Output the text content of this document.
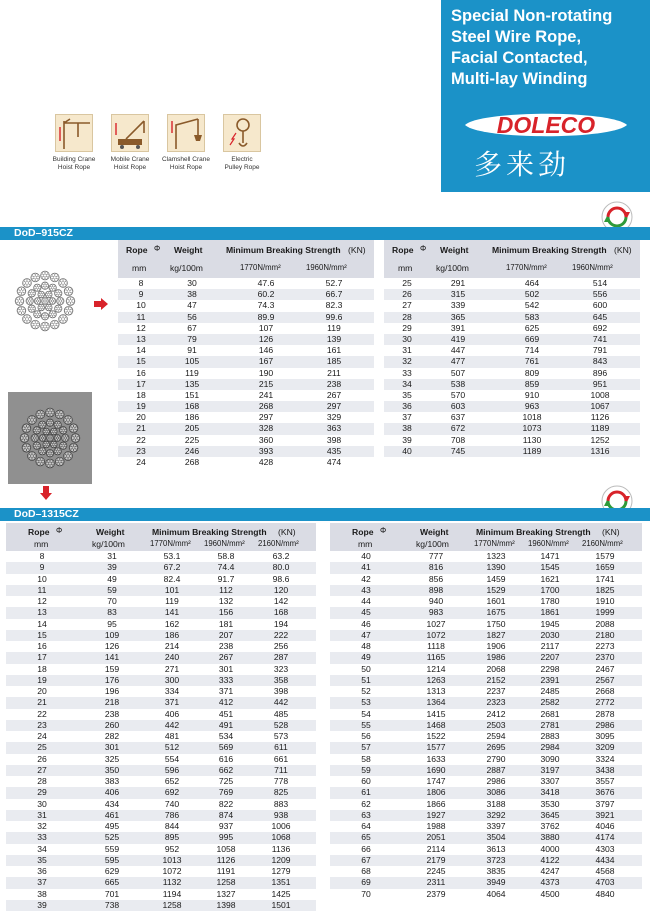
Special Non-rotating
Steel Wire Rope,
Facial Contacted,
Multi-lay Winding
DOLECO
多来劲
Building Crane
Hoist Rope
Mobile Crane
Hoist Rope
Clamshell Crane
Hoist Rope
Electric
Pulley Rope
DoD–915CZ
Rope Φ
mm
Weight
kg/100m
Minimum Breaking Strength (KN)
1770N/mm²	1960N/mm²
8	30	47.6	52.7
9	38	60.2	66.7
10	47	74.3	82.3
11	56	89.9	99.6
12	67	107	119
13	79	126	139
14	91	146	161
15	105	167	185
16	119	190	211
17	135	215	238
18	151	241	267
19	168	268	297
20	186	297	329
21	205	328	363
22	225	360	398
23	246	393	435
24	268	428	474
Rope Φ
mm
Weight
kg/100m
Minimum Breaking Strength (KN)
1770N/mm²	1960N/mm²
25	291	464	514
26	315	502	556
27	339	542	600
28	365	583	645
29	391	625	692
30	419	669	741
31	447	714	791
32	477	761	843
33	507	809	896
34	538	859	951
35	570	910	1008
36	603	963	1067
37	637	1018	1126
38	672	1073	1189
39	708	1130	1252
40	745	1189	1316
DoD–1315CZ
Rope Φ
mm
Weight
kg/100m
Minimum Breaking Strength (KN)
1770N/mm² 1960N/mm² 2160N/mm²
8	31	53.1	58.8	63.2
9	39	67.2	74.4	80.0
10	49	82.4	91.7	98.6
11	59	101	112	120
12	70	119	132	142
13	83	141	156	168
14	95	162	181	194
15	109	186	207	222
16	126	214	238	256
17	141	240	267	287
18	159	271	301	323
19	176	300	333	358
20	196	334	371	398
21	218	371	412	442
22	238	406	451	485
23	260	442	491	528
24	282	481	534	573
25	301	512	569	611
26	325	554	616	661
27	350	596	662	711
28	383	652	725	778
29	406	692	769	825
30	434	740	822	883
31	461	786	874	938
32	495	844	937	1006
33	525	895	995	1068
34	559	952	1058	1136
35	595	1013	1126	1209
36	629	1072	1191	1279
37	665	1132	1258	1351
38	701	1194	1327	1425
39	738	1258	1398	1501
Rope Φ
mm
Weight
kg/100m
Minimum Breaking Strength (KN)
1770N/mm² 1960N/mm² 2160N/mm²
40	777	1323	1471	1579
41	816	1390	1545	1659
42	856	1459	1621	1741
43	898	1529	1700	1825
44	940	1601	1780	1910
45	983	1675	1861	1999
46	1027	1750	1945	2088
47	1072	1827	2030	2180
48	1118	1906	2117	2273
49	1165	1986	2207	2370
50	1214	2068	2298	2467
51	1263	2152	2391	2567
52	1313	2237	2485	2668
53	1364	2323	2582	2772
54	1415	2412	2681	2878
55	1468	2503	2781	2986
56	1522	2594	2883	3095
57	1577	2695	2984	3209
58	1633	2790	3090	3324
59	1690	2887	3197	3438
60	1747	2986	3307	3557
61	1806	3086	3418	3676
62	1866	3188	3530	3797
63	1927	3292	3645	3921
64	1988	3397	3762	4046
65	2051	3504	3880	4174
66	2114	3613	4000	4303
67	2179	3723	4122	4434
68	2245	3835	4247	4568
69	2311	3949	4373	4703
70	2379	4064	4500	4840
